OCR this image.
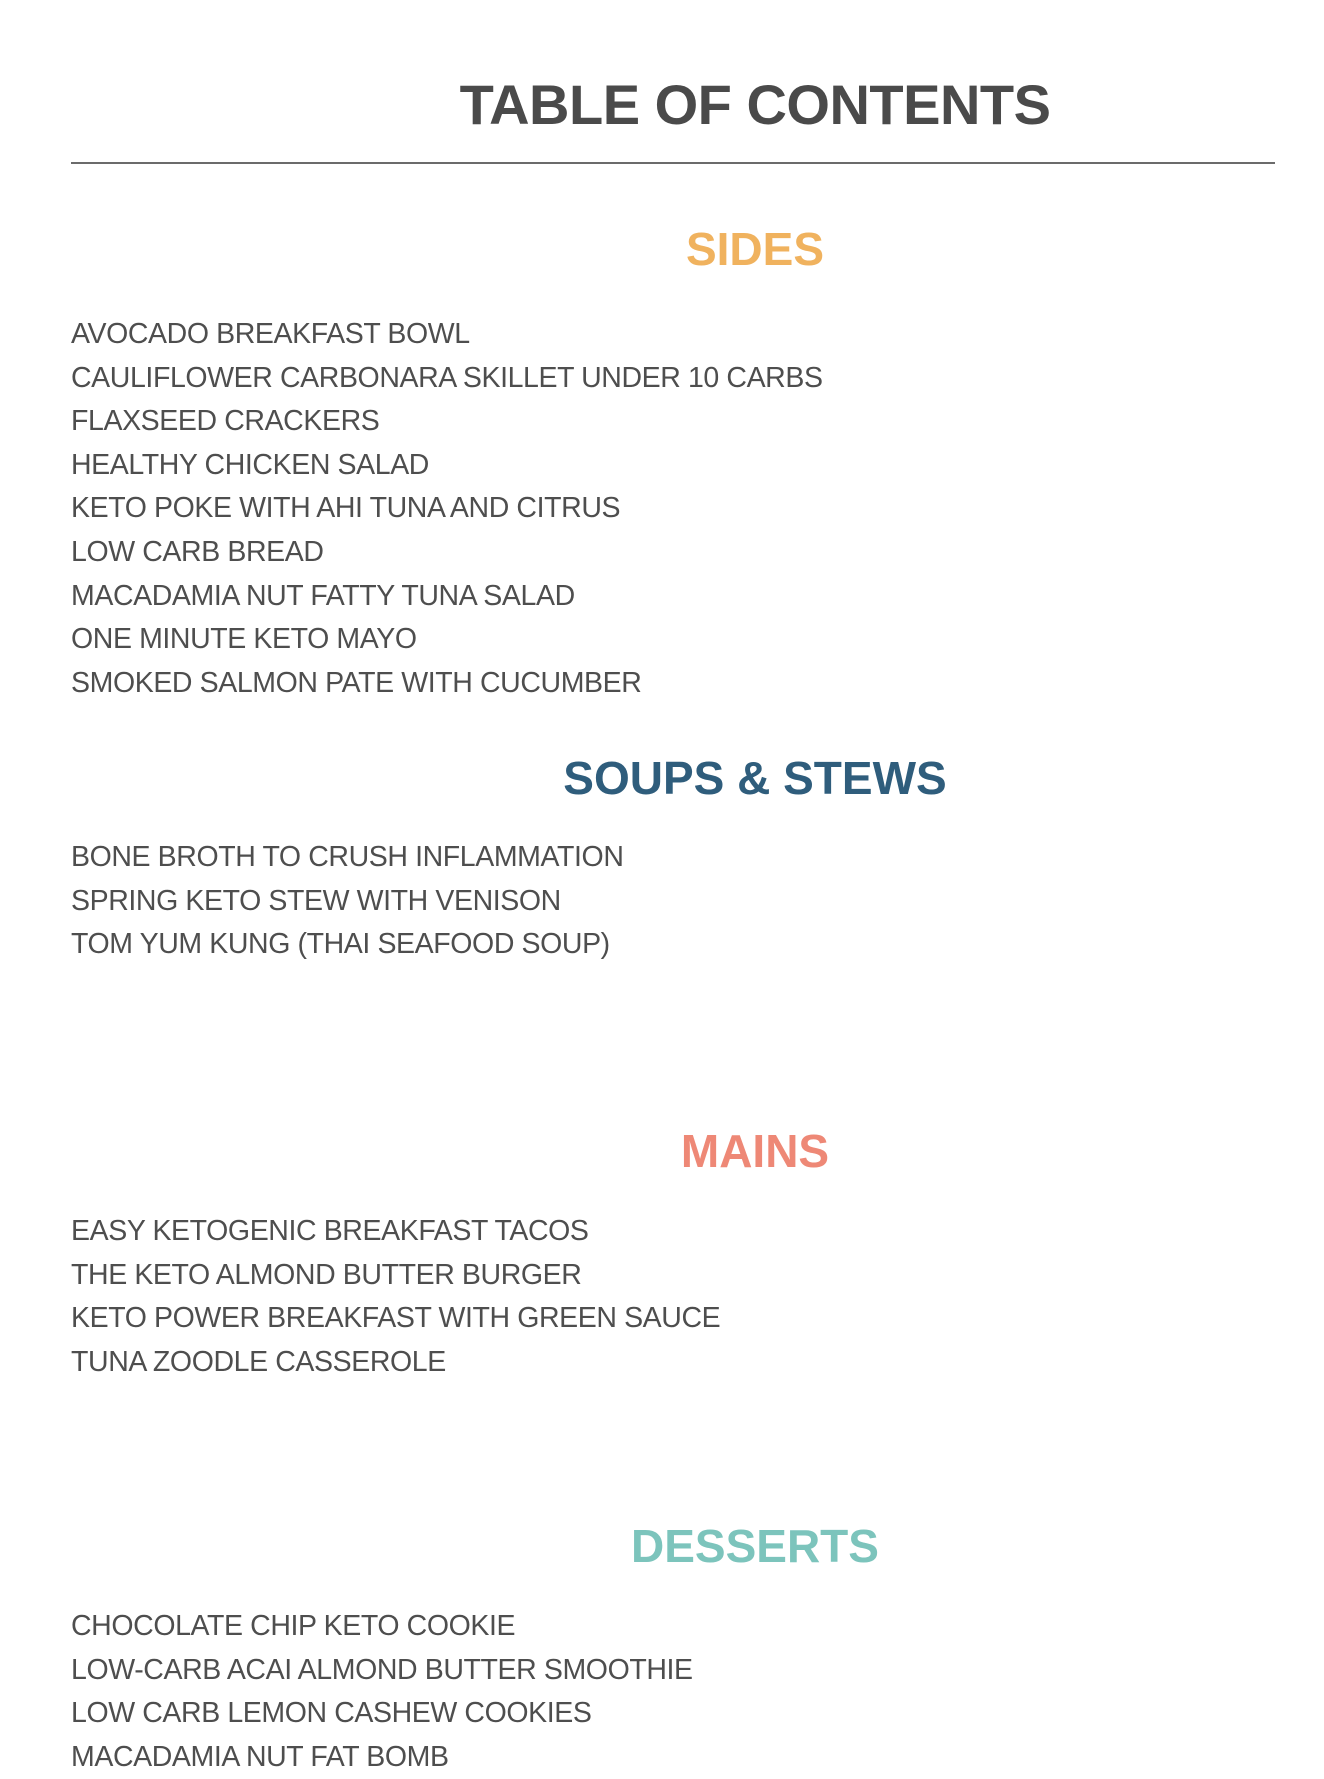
TABLE OF CONTENTS
SIDES
AVOCADO BREAKFAST BOWL
CAULIFLOWER CARBONARA SKILLET UNDER 10 CARBS
FLAXSEED CRACKERS
HEALTHY CHICKEN SALAD
KETO POKE WITH AHI TUNA AND CITRUS
LOW CARB BREAD
MACADAMIA NUT FATTY TUNA SALAD
ONE MINUTE KETO MAYO
SMOKED SALMON PATE WITH CUCUMBER
SOUPS & STEWS
BONE BROTH TO CRUSH INFLAMMATION
SPRING KETO STEW WITH VENISON
TOM YUM KUNG (THAI SEAFOOD SOUP)
MAINS
EASY KETOGENIC BREAKFAST TACOS
THE KETO ALMOND BUTTER BURGER
KETO POWER BREAKFAST WITH GREEN SAUCE
TUNA ZOODLE CASSEROLE
DESSERTS
CHOCOLATE CHIP KETO COOKIE
LOW-CARB ACAI ALMOND BUTTER SMOOTHIE
LOW CARB LEMON CASHEW COOKIES
MACADAMIA NUT FAT BOMB
